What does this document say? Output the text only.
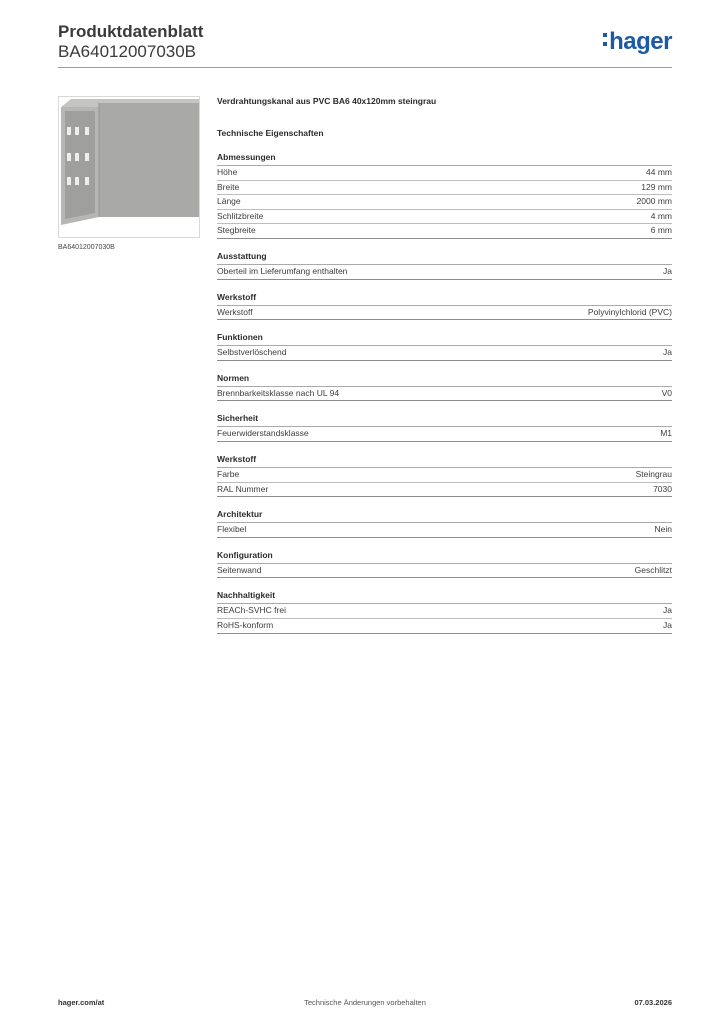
Produktdatenblatt
BA64012007030B	hager
BA64012007030B
Verdrahtungskanal aus PVC BA6 40x120mm steingrau
Technische Eigenschaften
Abmessungen
Höhe	44 mm
Breite	129 mm
Länge	2000 mm
Schlitzbreite	4 mm
Stegbreite	6 mm
Ausstattung
Oberteil im Lieferumfang enthalten	Ja
Werkstoff
Werkstoff	Polyvinylchlorid (PVC)
Funktionen
Selbstverlöschend	Ja
Normen
Brennbarkeitsklasse nach UL 94	V0
Sicherheit
Feuerwiderstandsklasse	M1
Werkstoff
Farbe	Steingrau
RAL Nummer	7030
Architektur
Flexibel	Nein
Konfiguration
Seitenwand	Geschlitzt
Nachhaltigkeit
REACh-SVHC frei	Ja
RoHS-konform	Ja
hager.com/at	Technische Änderungen vorbehalten	07.03.2026
